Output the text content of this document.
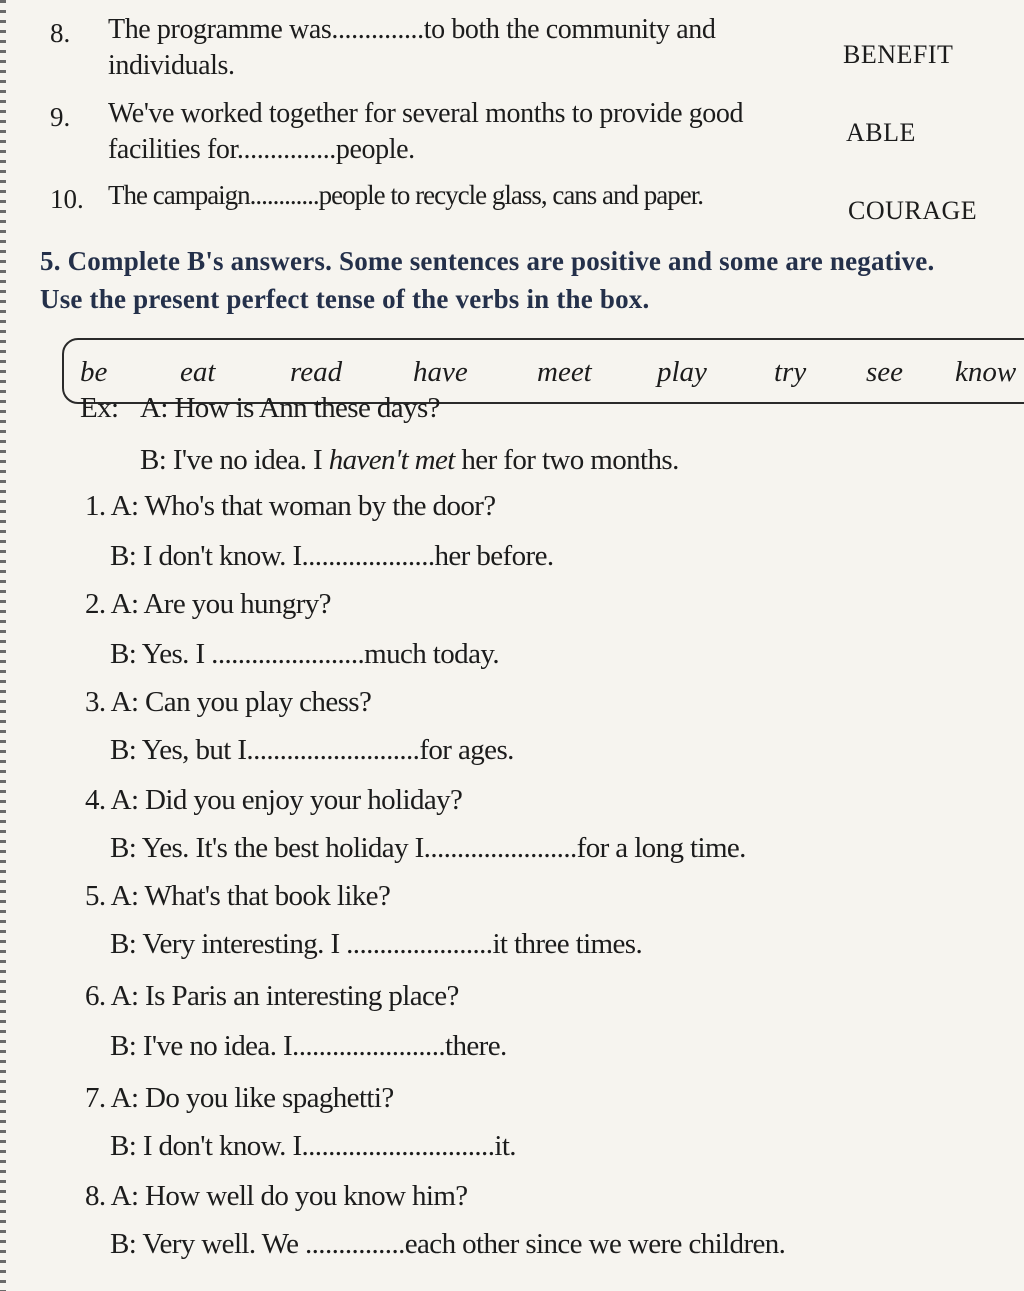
8. The programme was..............to both the community and
individuals.	BENEFIT
9. We've worked together for several months to provide good
facilities for...............people.
ABLE
10. The campaign............people to recycle glass, cans and paper.
COURAGE
5. Complete B's answers. Some sentences are positive and some are negative.
Use the present perfect tense of the verbs in the box.
be	eat	read have meet play try see know
Ex: A: How is Ann these days?
B: I've no idea. I haven't met her for two months.
1. A: Who's that woman by the door?
B: I don't know. I....................her before.
2. A: Are you hungry?
B: Yes. I .......................much today.
3. A: Can you play chess?
B: Yes, but I..........................for ages.
4. A: Did you enjoy your holiday?
B: Yes. It's the best holiday I.......................for a long time.
5. A: What's that book like?
B: Very interesting. I ......................it three times.
6. A: Is Paris an interesting place?
B: I've no idea. I.......................there.
7. A: Do you like spaghetti?
B: I don't know. I.............................it.
8. A: How well do you know him?
B: Very well. We ...............each other since we were children.
